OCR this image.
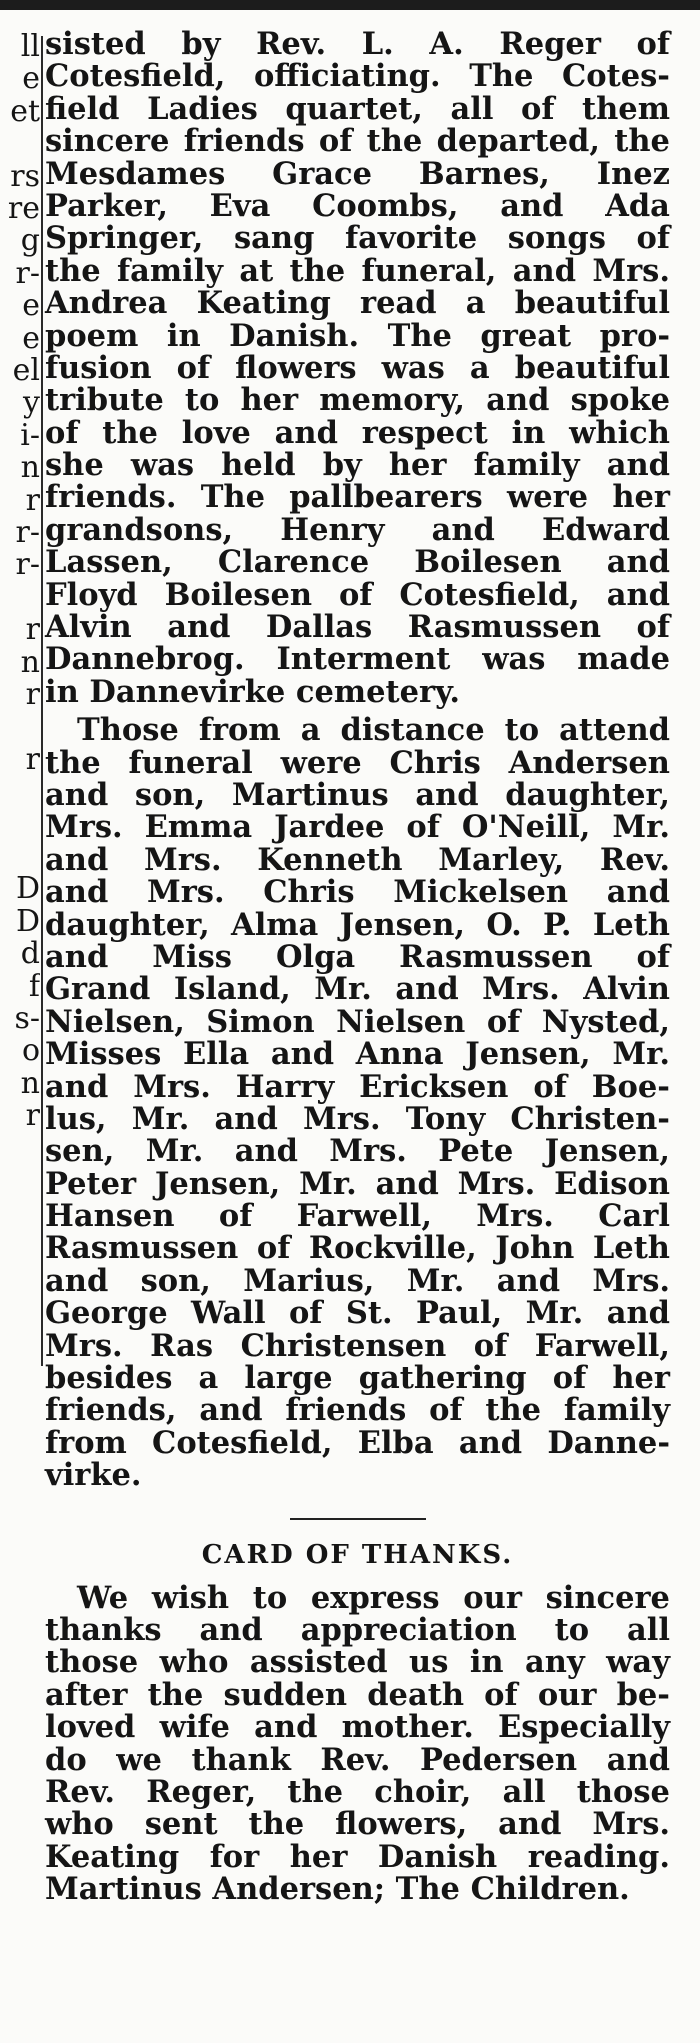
ll
e
et
rs
re
g
r-
e
e
el
y
i-
n
r
r-
r-
r
n
r
r
D
D
d
f
s-
o
n
r
sisted by Rev. L. A. Reger of
Cotesfield, officiating. The Cotes-
field Ladies quartet, all of them
sincere friends of the departed, the
Mesdames Grace Barnes, Inez
Parker, Eva Coombs, and Ada
Springer, sang favorite songs of
the family at the funeral, and Mrs.
Andrea Keating read a beautiful
poem in Danish. The great pro-
fusion of flowers was a beautiful
tribute to her memory, and spoke
of the love and respect in which
she was held by her family and
friends. The pallbearers were her
grandsons, Henry and Edward
Lassen, Clarence Boilesen and
Floyd Boilesen of Cotesfield, and
Alvin and Dallas Rasmussen of
Dannebrog. Interment was made
in Dannevirke cemetery.
Those from a distance to attend
the funeral were Chris Andersen
and son, Martinus and daughter,
Mrs. Emma Jardee of O'Neill, Mr.
and Mrs. Kenneth Marley, Rev.
and Mrs. Chris Mickelsen and
daughter, Alma Jensen, O. P. Leth
and Miss Olga Rasmussen of
Grand Island, Mr. and Mrs. Alvin
Nielsen, Simon Nielsen of Nysted,
Misses Ella and Anna Jensen, Mr.
and Mrs. Harry Ericksen of Boe-
lus, Mr. and Mrs. Tony Christen-
sen, Mr. and Mrs. Pete Jensen,
Peter Jensen, Mr. and Mrs. Edison
Hansen of Farwell, Mrs. Carl
Rasmussen of Rockville, John Leth
and son, Marius, Mr. and Mrs.
George Wall of St. Paul, Mr. and
Mrs. Ras Christensen of Farwell,
besides a large gathering of her
friends, and friends of the family
from Cotesfield, Elba and Danne-
virke.
CARD OF THANKS.
We wish to express our sincere
thanks and appreciation to all
those who assisted us in any way
after the sudden death of our be-
loved wife and mother. Especially
do we thank Rev. Pedersen and
Rev. Reger, the choir, all those
who sent the flowers, and Mrs.
Keating for her Danish reading.
Martinus Andersen; The Children.
